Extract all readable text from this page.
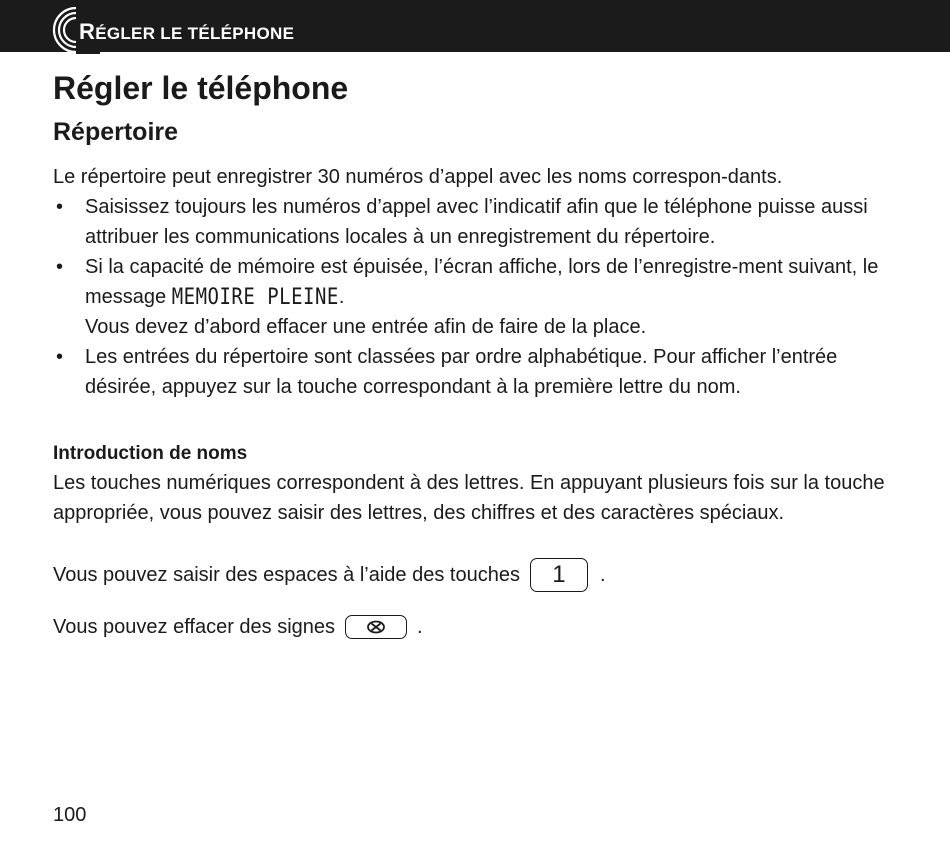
RÉGLER LE TÉLÉPHONE
Régler le téléphone
Répertoire

Le répertoire peut enregistrer 30 numéros d’appel avec les noms correspon-dants.

• Saisissez toujours les numéros d’appel avec l’indicatif afin que le téléphone puisse aussi attribuer les communications locales à un enregistrement du répertoire.
• Si la capacité de mémoire est épuisée, l’écran affiche, lors de l’enregistre-ment suivant, le message MEMOIRE PLEINE.
Vous devez d’abord effacer une entrée afin de faire de la place.
• Les entrées du répertoire sont classées par ordre alphabétique. Pour afficher l’entrée désirée, appuyez sur la touche correspondant à la première lettre du nom.
Introduction de noms

Les touches numériques correspondent à des lettres. En appuyant plusieurs fois sur la touche appropriée, vous pouvez saisir des lettres, des chiffres et des caractères spéciaux.

Vous pouvez saisir des espaces à l’aide des touches	1	.

Vous pouvez effacer des signes	.

100
